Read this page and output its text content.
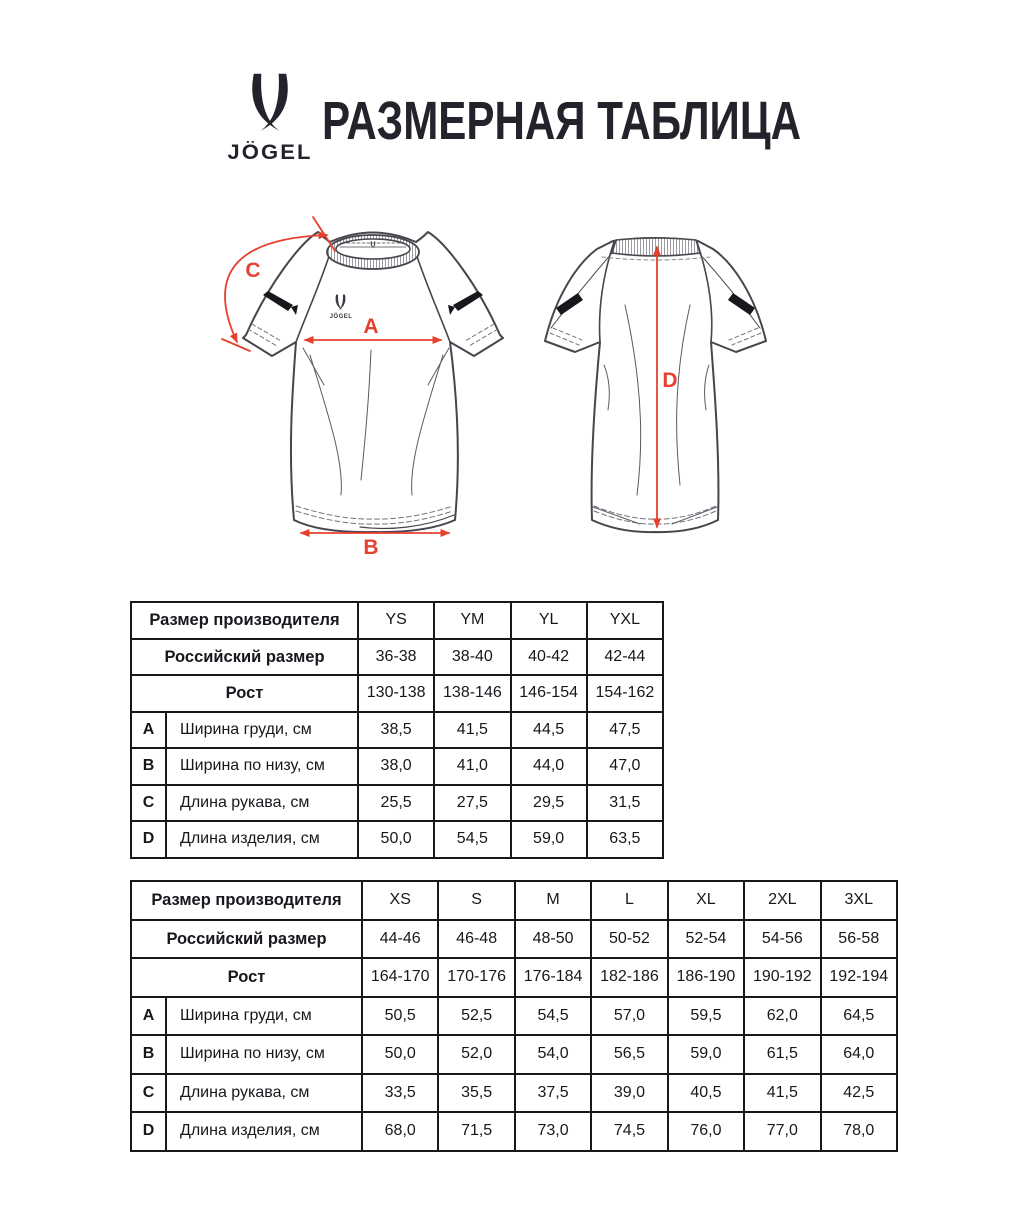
JÖGEL
РАЗМЕРНАЯ ТАБЛИЦА
JÖGEL A
B
C
D
Размер производителя		YS	YM	YL	YXL
Российский размер		36-38	38-40	40-42	42-44
Рост		130-138	138-146	146-154	154-162
A	Ширина груди, см	38,5	41,5	44,5	47,5
B	Ширина по низу, см	38,0	41,0	44,0	47,0
C	Длина рукава, см	25,5	27,5	29,5	31,5
D	Длина изделия, см	50,0	54,5	59,0	63,5
Размер производителя		XS	S	M	L	XL	2XL	3XL
Российский размер		44-46	46-48	48-50	50-52	52-54	54-56	56-58
Рост		164-170	170-176	176-184	182-186	186-190	190-192	192-194
A	Ширина груди, см	50,5	52,5	54,5	57,0	59,5	62,0	64,5
B	Ширина по низу, см	50,0	52,0	54,0	56,5	59,0	61,5	64,0
C	Длина рукава, см	33,5	35,5	37,5	39,0	40,5	41,5	42,5
D	Длина изделия, см	68,0	71,5	73,0	74,5	76,0	77,0	78,0
